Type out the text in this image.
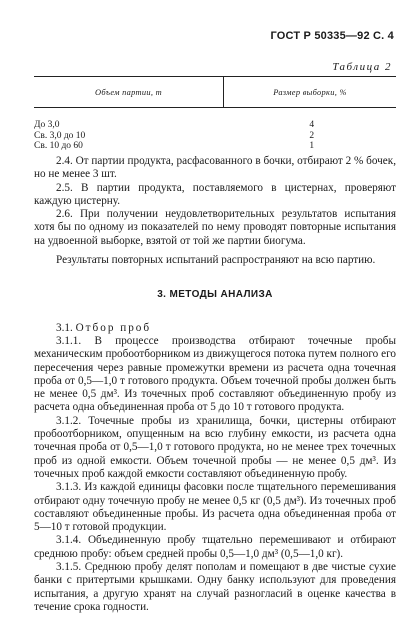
ГОСТ Р 50335—92 С. 4
Таблица 2
Объем партии, т	Размер выборки, %
До 3,0	4
Св. 3,0 до 10	2
Св. 10 до 60	1

2.4. От партии продукта, расфасованного в бочки, отбирают 2 % бочек, но не менее 3 шт.

2.5. В партии продукта, поставляемого в цистернах, проверяют каждую цистерну.

2.6. При получении неудовлетворительных результатов испытания хотя бы по одному из показателей по нему проводят повторные испытания на удвоенной выборке, взятой от той же партии биогума.

Результаты повторных испытаний распространяют на всю партию.

3. МЕТОДЫ АНАЛИЗА

3.1. Отбор проб

3.1.1. В процессе производства отбирают точечные пробы механическим пробоотборником из движущегося потока путем полного его пересечения через равные промежутки времени из расчета одна точечная проба от 0,5—1,0 т готового продукта. Объем точечной пробы должен быть не менее 0,5 дм³. Из точечных проб составляют объединенную пробу из расчета одна объединенная проба от 5 до 10 т готового продукта.

3.1.2. Точечные пробы из хранилища, бочки, цистерны отбирают пробоотборником, опущенным на всю глубину емкости, из расчета одна точечная проба от 0,5—1,0 т готового продукта, но не менее трех точечных проб из одной емкости. Объем точечной пробы — не менее 0,5 дм³. Из точечных проб каждой емкости составляют объединенную пробу.

3.1.3. Из каждой единицы фасовки после тщательного перемешивания отбирают одну точечную пробу не менее 0,5 кг (0,5 дм³). Из точечных проб составляют объединенные пробы. Из расчета одна объединенная проба от 5—10 т готовой продукции.

3.1.4. Объединенную пробу тщательно перемешивают и отбирают среднюю пробу: объем средней пробы 0,5—1,0 дм³ (0,5—1,0 кг).

3.1.5. Среднюю пробу делят пополам и помещают в две чистые сухие банки с притертыми крышками. Одну банку используют для проведения испытания, а другую хранят на случай разногласий в оценке качества в течение срока годности.
